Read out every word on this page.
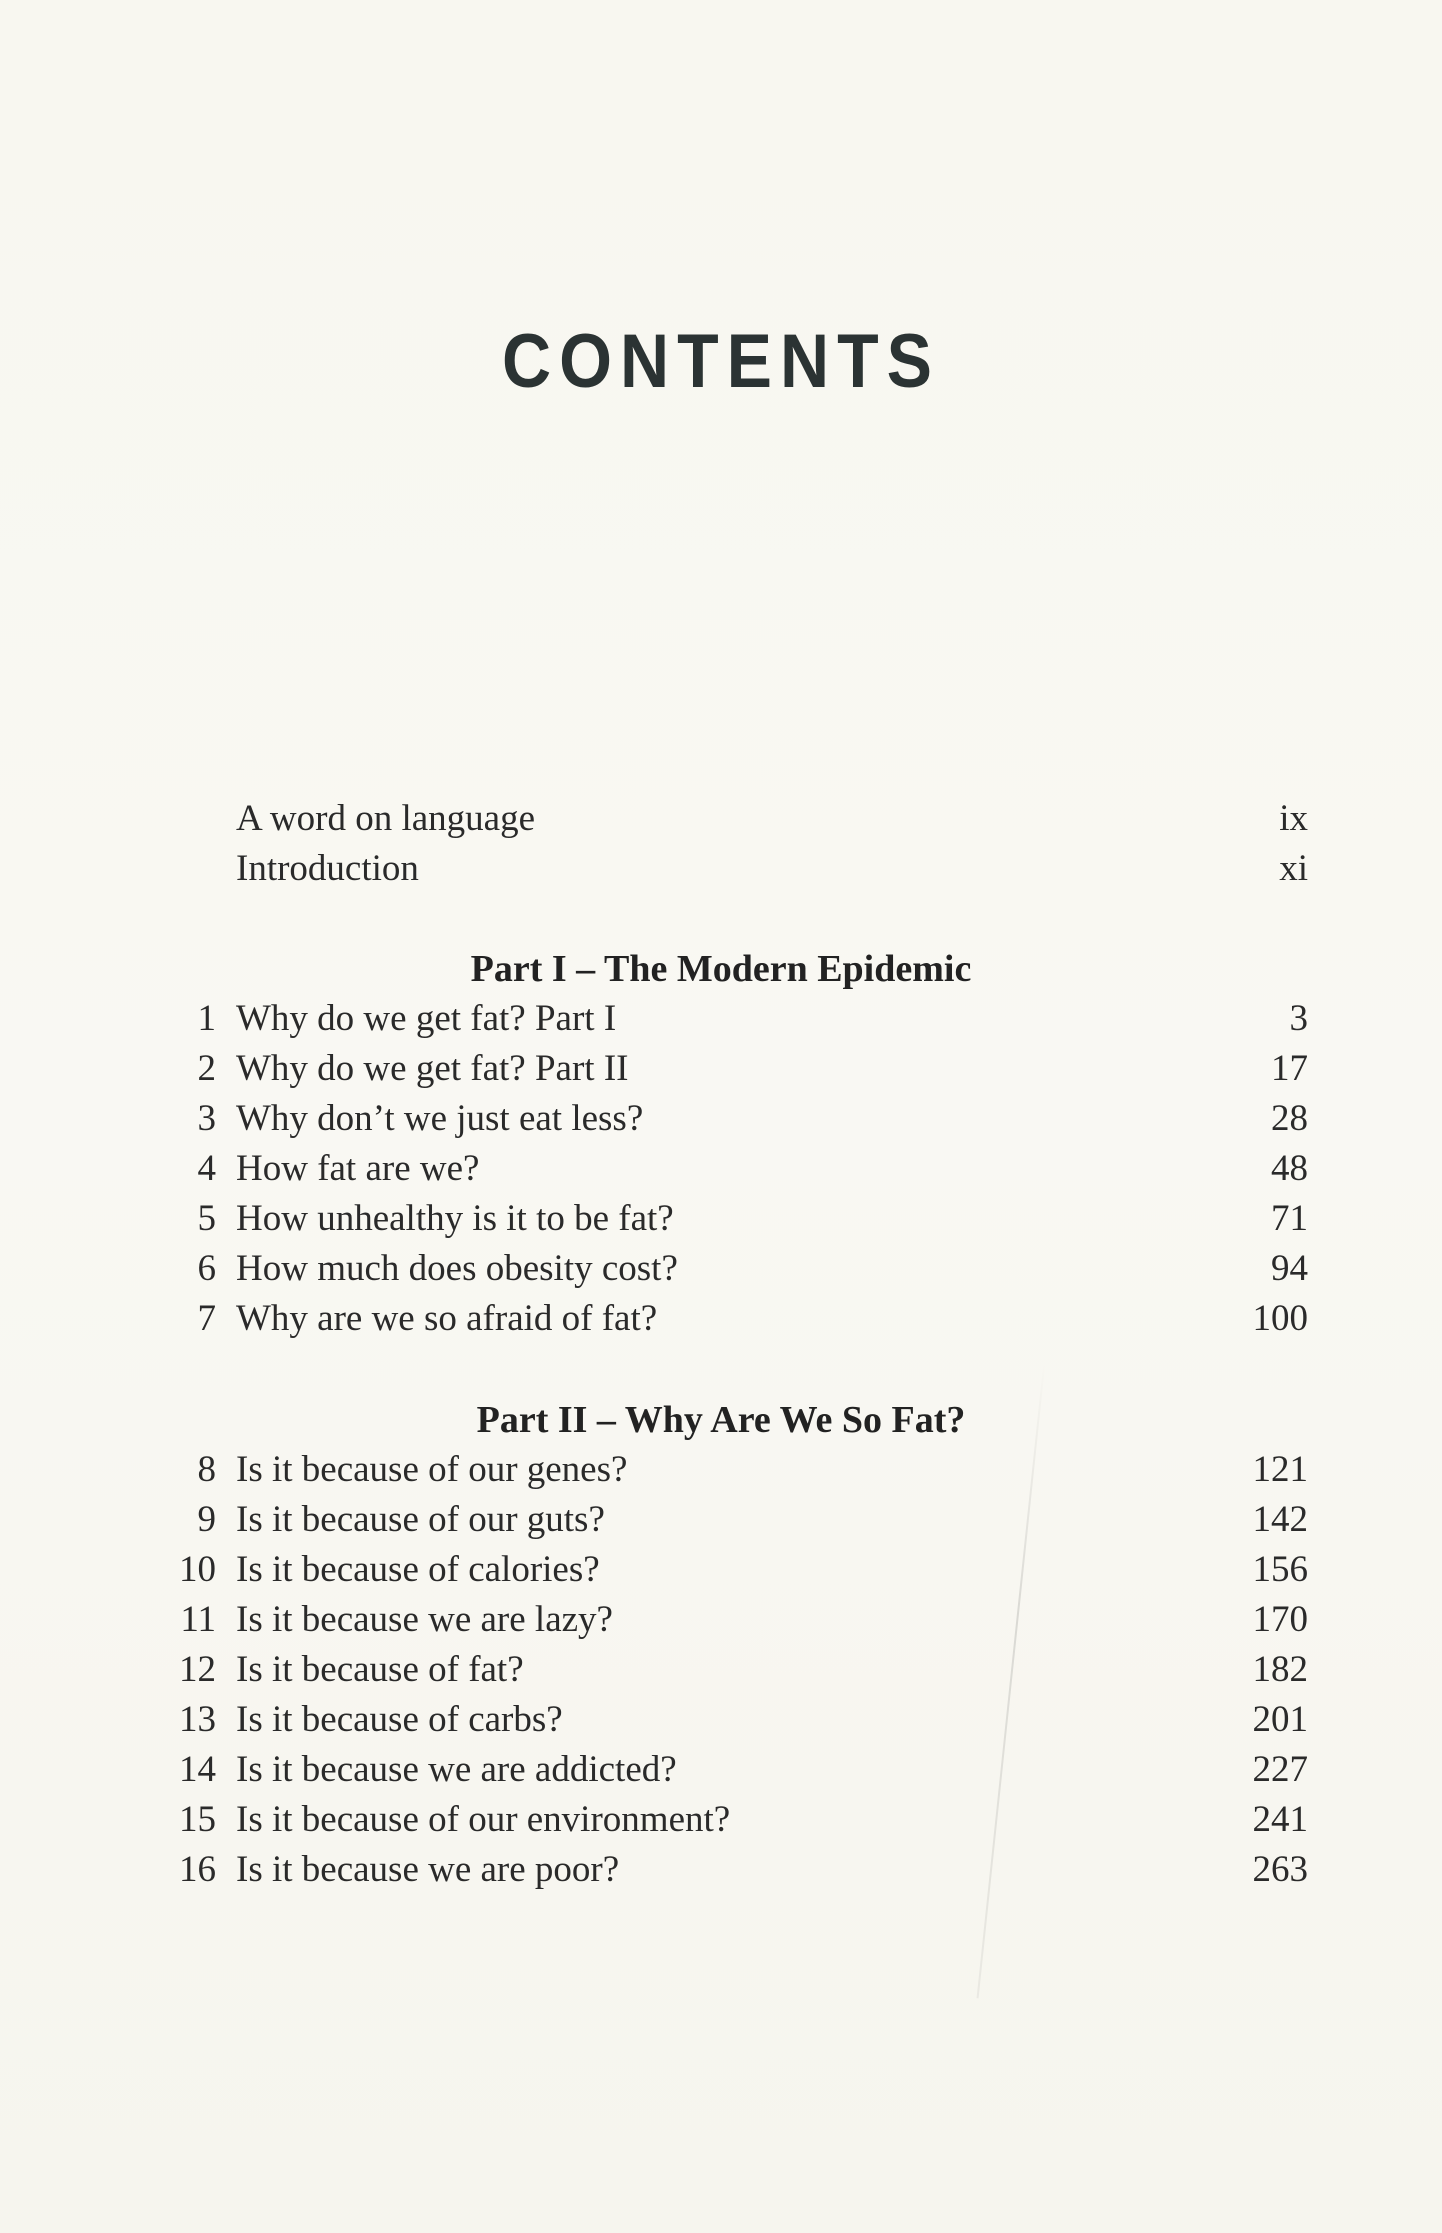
CONTENTS
A word on language	ix
Introduction	xi
Part I – The Modern Epidemic
1 Why do we get fat? Part I	3
2 Why do we get fat? Part II	17
3 Why don’t we just eat less?	28
4 How fat are we?	48
5 How unhealthy is it to be fat?	71
6 How much does obesity cost?	94
7 Why are we so afraid of fat?	100
Part II – Why Are We So Fat?
8 Is it because of our genes?	121
9 Is it because of our guts?	142
10 Is it because of calories?	156
11 Is it because we are lazy?	170
12 Is it because of fat?	182
13 Is it because of carbs?	201
14 Is it because we are addicted?	227
15 Is it because of our environment?	241
16 Is it because we are poor?	263
